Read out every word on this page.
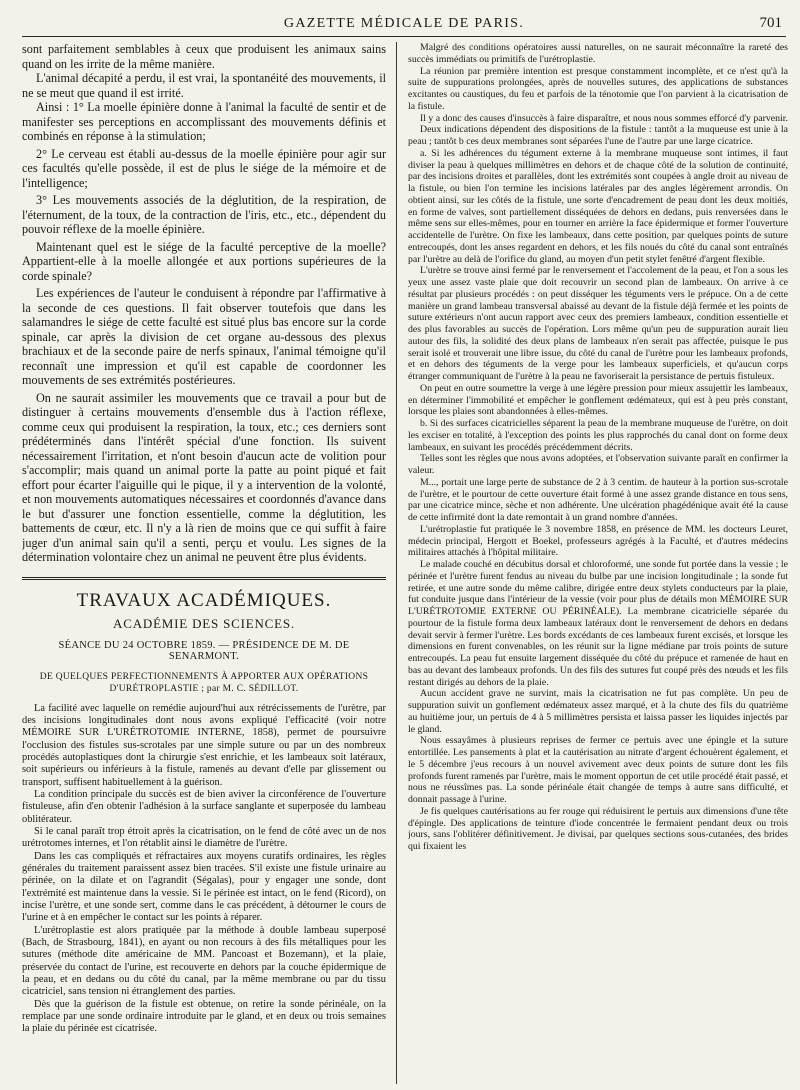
GAZETTE MÉDICALE DE PARIS.	701

sont parfaitement semblables à ceux que produisent les animaux sains quand on les irrite de la même manière.

L'animal décapité a perdu, il est vrai, la spontanéité des mouvements, il ne se meut que quand il est irrité.

Ainsi : 1° La moelle épinière donne à l'animal la faculté de sentir et de manifester ses perceptions en accomplissant des mouvements définis et combinés en réponse à la stimulation;

2° Le cerveau est établi au-dessus de la moelle épinière pour agir sur ces facultés qu'elle possède, il est de plus le siége de la mémoire et de l'intelligence;

3° Les mouvements associés de la déglutition, de la respiration, de l'éternument, de la toux, de la contraction de l'iris, etc., etc., dépendent du pouvoir réflexe de la moelle épinière.

Maintenant quel est le siége de la faculté perceptive de la moelle? Appartient-elle à la moelle allongée et aux portions supérieures de la corde spinale?

Les expériences de l'auteur le conduisent à répondre par l'affirmative à la seconde de ces questions. Il fait observer toutefois que dans les salamandres le siége de cette faculté est situé plus bas encore sur la corde spinale, car après la division de cet organe au-dessous des plexus brachiaux et de la seconde paire de nerfs spinaux, l'animal témoigne qu'il reconnaît une impression et qu'il est capable de coordonner les mouvements de ses extrémités postérieures.

On ne saurait assimiler les mouvements que ce travail a pour but de distinguer à certains mouvements d'ensemble dus à l'action réflexe, comme ceux qui produisent la respiration, la toux, etc.; ces derniers sont prédéterminés dans l'intérêt spécial d'une fonction. Ils suivent nécessairement l'irritation, et n'ont besoin d'aucun acte de volition pour s'accomplir; mais quand un animal porte la patte au point piqué et fait effort pour écarter l'aiguille qui le pique, il y a intervention de la volonté, et non mouvements automatiques nécessaires et coordonnés d'avance dans le but d'assurer une fonction essentielle, comme la déglutition, les battements de cœur, etc. Il n'y a là rien de moins que ce qui suffit à faire juger d'un animal sain qu'il a senti, perçu et voulu. Les signes de la détermination volontaire chez un animal ne peuvent être plus évidents.

TRAVAUX ACADÉMIQUES.
ACADÉMIE DES SCIENCES.
SÉANCE DU 24 OCTOBRE 1859. — PRÉSIDENCE DE M. DE SENARMONT.
DE QUELQUES PERFECTIONNEMENTS À APPORTER AUX OPÉRATIONS D'URÉTROPLASTIE ; par M. C. SÉDILLOT.

La facilité avec laquelle on remédie aujourd'hui aux rétrécissements de l'urètre, par des incisions longitudinales dont nous avons expliqué l'efficacité (voir notre MÉMOIRE SUR L'URÉTROTOMIE INTERNE, 1858), permet de poursuivre l'occlusion des fistules sus-scrotales par une simple suture ou par un des nombreux procédés autoplastiques dont la chirurgie s'est enrichie, et les lambeaux soit latéraux, soit supérieurs ou inférieurs à la fistule, ramenés au devant d'elle par glissement ou transport, suffisent habituellement à la guérison.

La condition principale du succès est de bien aviver la circonférence de l'ouverture fistuleuse, afin d'en obtenir l'adhésion à la surface sanglante et superposée du lambeau oblitérateur.

Si le canal paraît trop étroit après la cicatrisation, on le fend de côté avec un de nos urétrotomes internes, et l'on rétablit ainsi le diamètre de l'urètre.

Dans les cas compliqués et réfractaires aux moyens curatifs ordinaires, les règles générales du traitement paraissent assez bien tracées. S'il existe une fistule urinaire au périnée, on la dilate et on l'agrandit (Ségalas), pour y engager une sonde, dont l'extrémité est maintenue dans la vessie. Si le périnée est intact, on le fend (Ricord), on incise l'urètre, et une sonde sert, comme dans le cas précédent, à détourner le cours de l'urine et à en empêcher le contact sur les points à réparer.

L'urétroplastie est alors pratiquée par la méthode à double lambeau superposé (Bach, de Strasbourg, 1841), en ayant ou non recours à des fils métalliques pour les sutures (méthode dite américaine de MM. Pancoast et Bozemann), et la plaie, préservée du contact de l'urine, est recouverte en dehors par la couche épidermique de la peau, et en dedans ou du côté du canal, par la même membrane ou par du tissu cicatriciel, sans tension ni étranglement des parties.

Dès que la guérison de la fistule est obtenue, on retire la sonde périnéale, on la remplace par une sonde ordinaire introduite par le gland, et en deux ou trois semaines la plaie du périnée est cicatrisée.

Malgré des conditions opératoires aussi naturelles, on ne saurait méconnaître la rareté des succès immédiats ou primitifs de l'urétroplastie.

La réunion par première intention est presque constamment incomplète, et ce n'est qu'à la suite de suppurations prolongées, après de nouvelles sutures, des applications de substances excitantes ou caustiques, du feu et parfois de la ténotomie que l'on parvient à la cicatrisation de la fistule.

Il y a donc des causes d'insuccès à faire disparaître, et nous nous sommes efforcé d'y parvenir.

Deux indications dépendent des dispositions de la fistule : tantôt a la muqueuse est unie à la peau ; tantôt b ces deux membranes sont séparées l'une de l'autre par une large cicatrice.

a. Si les adhérences du tégument externe à la membrane muqueuse sont intimes, il faut diviser la peau à quelques millimètres en dehors et de chaque côté de la solution de continuité, par des incisions droites et parallèles, dont les extrémités sont coupées à angle droit au niveau de la fistule, ou bien l'on termine les incisions latérales par des angles légèrement arrondis. On obtient ainsi, sur les côtés de la fistule, une sorte d'encadrement de peau dont les deux moitiés, en forme de valves, sont partiellement disséquées de dehors en dedans, puis renversées dans le même sens sur elles-mêmes, pour en tourner en arrière la face épidermique et former l'ouverture accidentelle de l'urètre. On fixe les lambeaux, dans cette position, par quelques points de suture entrecoupés, dont les anses regardent en dehors, et les fils noués du côté du canal sont entraînés par l'urètre au delà de l'orifice du gland, au moyen d'un petit stylet fenêtré d'argent flexible.

L'urètre se trouve ainsi fermé par le renversement et l'accolement de la peau, et l'on a sous les yeux une assez vaste plaie que doit recouvrir un second plan de lambeaux. On arrive à ce résultat par plusieurs procédés : on peut disséquer les téguments vers le prépuce. On a de cette manière un grand lambeau transversal abaissé au devant de la fistule déjà fermée et les points de suture extérieurs n'ont aucun rapport avec ceux des premiers lambeaux, condition essentielle et des plus favorables au succès de l'opération. Lors même qu'un peu de suppuration aurait lieu autour des fils, la solidité des deux plans de lambeaux n'en serait pas affectée, puisque le pus serait isolé et trouverait une libre issue, du côté du canal de l'urètre pour les lambeaux profonds, et en dehors des téguments de la verge pour les lambeaux superficiels, et qu'aucun corps étranger communiquant de l'urètre à la peau ne favoriserait la persistance de pertuis fistuleux.

On peut en outre soumettre la verge à une légère pression pour mieux assujettir les lambeaux, en déterminer l'immobilité et empêcher le gonflement œdémateux, qui est à peu près constant, lorsque les plaies sont abandonnées à elles-mêmes.

b. Si des surfaces cicatricielles séparent la peau de la membrane muqueuse de l'urètre, on doit les exciser en totalité, à l'exception des points les plus rapprochés du canal dont on forme deux lambeaux, en suivant les procédés précédemment décrits.

Telles sont les règles que nous avons adoptées, et l'observation suivante paraît en confirmer la valeur.

M..., portait une large perte de substance de 2 à 3 centim. de hauteur à la portion sus-scrotale de l'urètre, et le pourtour de cette ouverture était formé à une assez grande distance en tous sens, par une cicatrice mince, sèche et non adhérente. Une ulcération phagédénique avait été la cause de cette infirmité dont la date remontait à un grand nombre d'années.

L'urétroplastie fut pratiquée le 3 novembre 1858, en présence de MM. les docteurs Leuret, médecin principal, Hergott et Boekel, professeurs agrégés à la Faculté, et d'autres médecins militaires attachés à l'hôpital militaire.

Le malade couché en décubitus dorsal et chloroformé, une sonde fut portée dans la vessie ; le périnée et l'urètre furent fendus au niveau du bulbe par une incision longitudinale ; la sonde fut retirée, et une autre sonde du même calibre, dirigée entre deux stylets conducteurs par la plaie, fut conduite jusque dans l'intérieur de la vessie (voir pour plus de détails mon MÉMOIRE SUR L'URÉTROTOMIE EXTERNE OU PÉRINÉALE). La membrane cicatricielle séparée du pourtour de la fistule forma deux lambeaux latéraux dont le renversement de dehors en dedans devait servir à fermer l'urètre. Les bords excédants de ces lambeaux furent excisés, et lorsque les dimensions en furent convenables, on les réunit sur la ligne médiane par trois points de suture entrecoupés. La peau fut ensuite largement disséquée du côté du prépuce et ramenée de haut en bas au devant des lambeaux profonds. Un des fils des sutures fut coupé près des nœuds et les fils restant dirigés au dehors de la plaie.

Aucun accident grave ne survint, mais la cicatrisation ne fut pas complète. Un peu de suppuration suivit un gonflement œdémateux assez marqué, et à la chute des fils du quatrième au huitième jour, un pertuis de 4 à 5 millimètres persista et laissa passer les liquides injectés par le gland.

Nous essayâmes à plusieurs reprises de fermer ce pertuis avec une épingle et la suture entortillée. Les pansements à plat et la cautérisation au nitrate d'argent échouèrent également, et le 5 décembre j'eus recours à un nouvel avivement avec deux points de suture dont les fils profonds furent ramenés par l'urètre, mais le moment opportun de cet utile procédé était passé, et nous ne réussîmes pas. La sonde périnéale était changée de temps à autre sans difficulté, et donnait passage à l'urine.

Je fis quelques cautérisations au fer rouge qui réduisirent le pertuis aux dimensions d'une tête d'épingle. Des applications de teinture d'iode concentrée le fermaient pendant deux ou trois jours, sans l'oblitérer définitivement. Je divisai, par quelques sections sous-cutanées, des brides qui fixaient les
